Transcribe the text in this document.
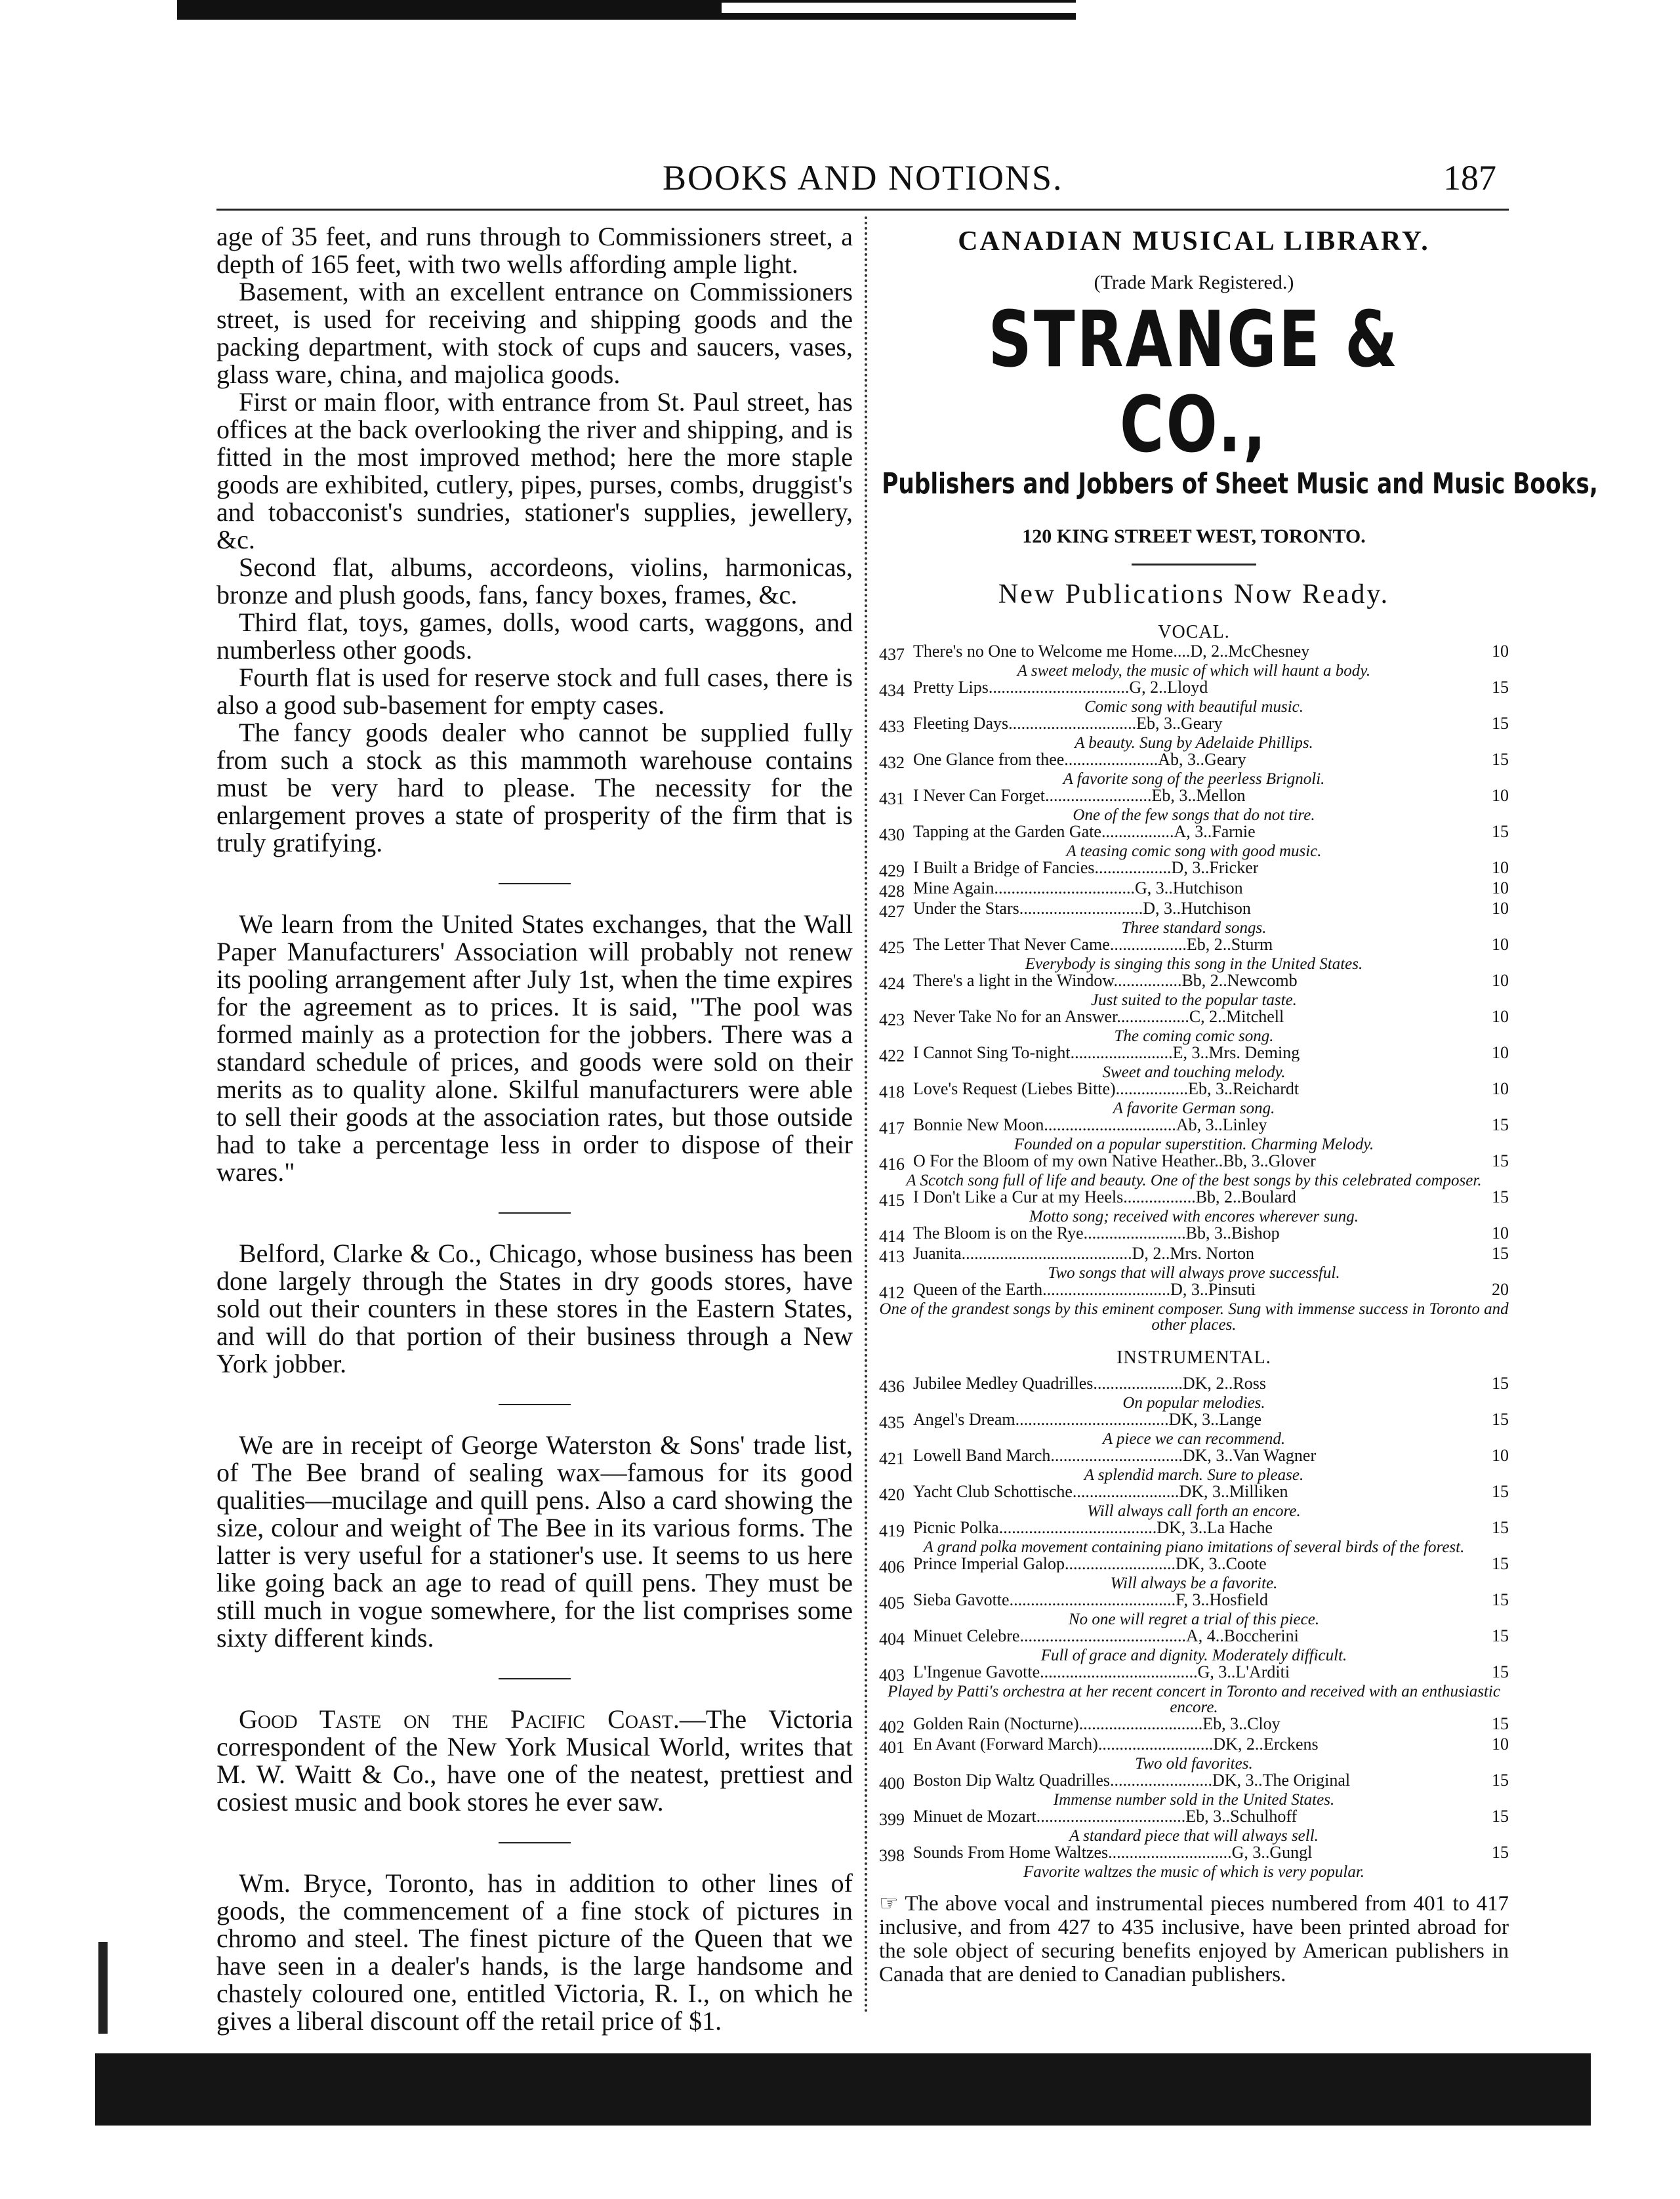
BOOKS AND NOTIONS.	187

age of 35 feet, and runs through to Commissioners street, a depth of 165 feet, with two wells affording ample light.

Basement, with an excellent entrance on Commissioners street, is used for receiving and shipping goods and the packing department, with stock of cups and saucers, vases, glass ware, china, and majolica goods.

First or main floor, with entrance from St. Paul street, has offices at the back overlooking the river and shipping, and is fitted in the most improved method; here the more staple goods are exhibited, cutlery, pipes, purses, combs, druggist's and tobacconist's sundries, stationer's supplies, jewellery, &c.

Second flat, albums, accordeons, violins, harmonicas, bronze and plush goods, fans, fancy boxes, frames, &c.

Third flat, toys, games, dolls, wood carts, waggons, and numberless other goods.

Fourth flat is used for reserve stock and full cases, there is also a good sub-basement for empty cases.

The fancy goods dealer who cannot be supplied fully from such a stock as this mammoth warehouse contains must be very hard to please. The necessity for the enlargement proves a state of prosperity of the firm that is truly gratifying.

We learn from the United States exchanges, that the Wall Paper Manufacturers' Association will probably not renew its pooling arrangement after July 1st, when the time expires for the agreement as to prices. It is said, "The pool was formed mainly as a protection for the jobbers. There was a standard schedule of prices, and goods were sold on their merits as to quality alone. Skilful manufacturers were able to sell their goods at the association rates, but those outside had to take a percentage less in order to dispose of their wares."

Belford, Clarke & Co., Chicago, whose business has been done largely through the States in dry goods stores, have sold out their counters in these stores in the Eastern States, and will do that portion of their business through a New York jobber.

We are in receipt of George Waterston & Sons' trade list, of The Bee brand of sealing wax—famous for its good qualities—mucilage and quill pens. Also a card showing the size, colour and weight of The Bee in its various forms. The latter is very useful for a stationer's use. It seems to us here like going back an age to read of quill pens. They must be still much in vogue somewhere, for the list comprises some sixty different kinds.

Good Taste on the Pacific Coast.—The Victoria correspondent of the New York Musical World, writes that M. W. Waitt & Co., have one of the neatest, prettiest and cosiest music and book stores he ever saw.

Wm. Bryce, Toronto, has in addition to other lines of goods, the commencement of a fine stock of pictures in chromo and steel. The finest picture of the Queen that we have seen in a dealer's hands, is the large handsome and chastely coloured one, entitled Victoria, R. I., on which he gives a liberal discount off the retail price of $1.

CANADIAN MUSICAL LIBRARY.
(Trade Mark Registered.)
STRANGE & CO.,
Publishers and Jobbers of Sheet Music and Music Books,
120 KING STREET WEST, TORONTO.
New Publications Now Ready.
VOCAL.
437 There's no One to Welcome me Home....D, 2..McChesney	10
A sweet melody, the music of which will haunt a body.
434 Pretty Lips.................................G, 2..Lloyd	15
Comic song with beautiful music.
433 Fleeting Days..............................Eb, 3..Geary	15
A beauty. Sung by Adelaide Phillips.
432 One Glance from thee......................Ab, 3..Geary	15
A favorite song of the peerless Brignoli.
431 I Never Can Forget.........................Eb, 3..Mellon	10
One of the few songs that do not tire.
430 Tapping at the Garden Gate.................A, 3..Farnie	15
A teasing comic song with good music.
429 I Built a Bridge of Fancies..................D, 3..Fricker	10
428 Mine Again.................................G, 3..Hutchison	10
427 Under the Stars.............................D, 3..Hutchison	10
Three standard songs.
425 The Letter That Never Came..................Eb, 2..Sturm	10
Everybody is singing this song in the United States.
424 There's a light in the Window................Bb, 2..Newcomb	10
Just suited to the popular taste.
423 Never Take No for an Answer.................C, 2..Mitchell	10
The coming comic song.
422 I Cannot Sing To-night........................E, 3..Mrs. Deming	10
Sweet and touching melody.
418 Love's Request (Liebes Bitte).................Eb, 3..Reichardt	10
A favorite German song.
417 Bonnie New Moon...............................Ab, 3..Linley	15
Founded on a popular superstition. Charming Melody.
416 O For the Bloom of my own Native Heather..Bb, 3..Glover	15
A Scotch song full of life and beauty. One of the best songs by this celebrated composer.
415 I Don't Like a Cur at my Heels.................Bb, 2..Boulard	15
Motto song; received with encores wherever sung.
414 The Bloom is on the Rye........................Bb, 3..Bishop	10
413 Juanita........................................D, 2..Mrs. Norton	15
Two songs that will always prove successful.
412 Queen of the Earth..............................D, 3..Pinsuti	20
One of the grandest songs by this eminent composer. Sung with immense success in Toronto and other places.
INSTRUMENTAL.
436 Jubilee Medley Quadrilles.....................DK, 2..Ross	15
On popular melodies.
435 Angel's Dream....................................DK, 3..Lange	15
A piece we can recommend.
421 Lowell Band March...............................DK, 3..Van Wagner	10
A splendid march. Sure to please.
420 Yacht Club Schottische.........................DK, 3..Milliken	15
Will always call forth an encore.
419 Picnic Polka.....................................DK, 3..La Hache	15
A grand polka movement containing piano imitations of several birds of the forest.
406 Prince Imperial Galop..........................DK, 3..Coote	15
Will always be a favorite.
405 Sieba Gavotte.......................................F, 3..Hosfield	15
No one will regret a trial of this piece.
404 Minuet Celebre.......................................A, 4..Boccherini	15
Full of grace and dignity. Moderately difficult.
403 L'Ingenue Gavotte.....................................G, 3..L'Arditi	15
Played by Patti's orchestra at her recent concert in Toronto and received with an enthusiastic encore.
402 Golden Rain (Nocturne).............................Eb, 3..Cloy	15
401 En Avant (Forward March)...........................DK, 2..Erckens	10
Two old favorites.
400 Boston Dip Waltz Quadrilles........................DK, 3..The Original	15
Immense number sold in the United States.
399 Minuet de Mozart...................................Eb, 3..Schulhoff	15
A standard piece that will always sell.
398 Sounds From Home Waltzes.............................G, 3..Gungl	15
Favorite waltzes the music of which is very popular.
☞ The above vocal and instrumental pieces numbered from 401 to 417 inclusive, and from 427 to 435 inclusive, have been printed abroad for the sole object of securing benefits enjoyed by American publishers in Canada that are denied to Canadian publishers.
